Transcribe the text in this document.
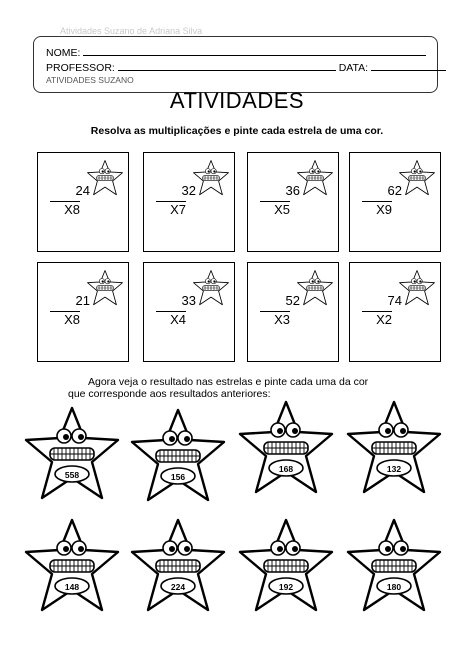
Atividades Suzano de Adriana Silva
NOME:
PROFESSOR:	DATA:
ATIVIDADES SUZANO
ATIVIDADES
Resolva as multiplicações e pinte cada estrela de uma cor.
24
X8
32
X7
36
X5
62
X9
21
X8
33
X4
52
X3
74
X2
Agora veja o resultado nas estrelas e pinte cada uma da cor
que corresponde aos resultados anteriores:
558	156
168	132
148	224	192	180
